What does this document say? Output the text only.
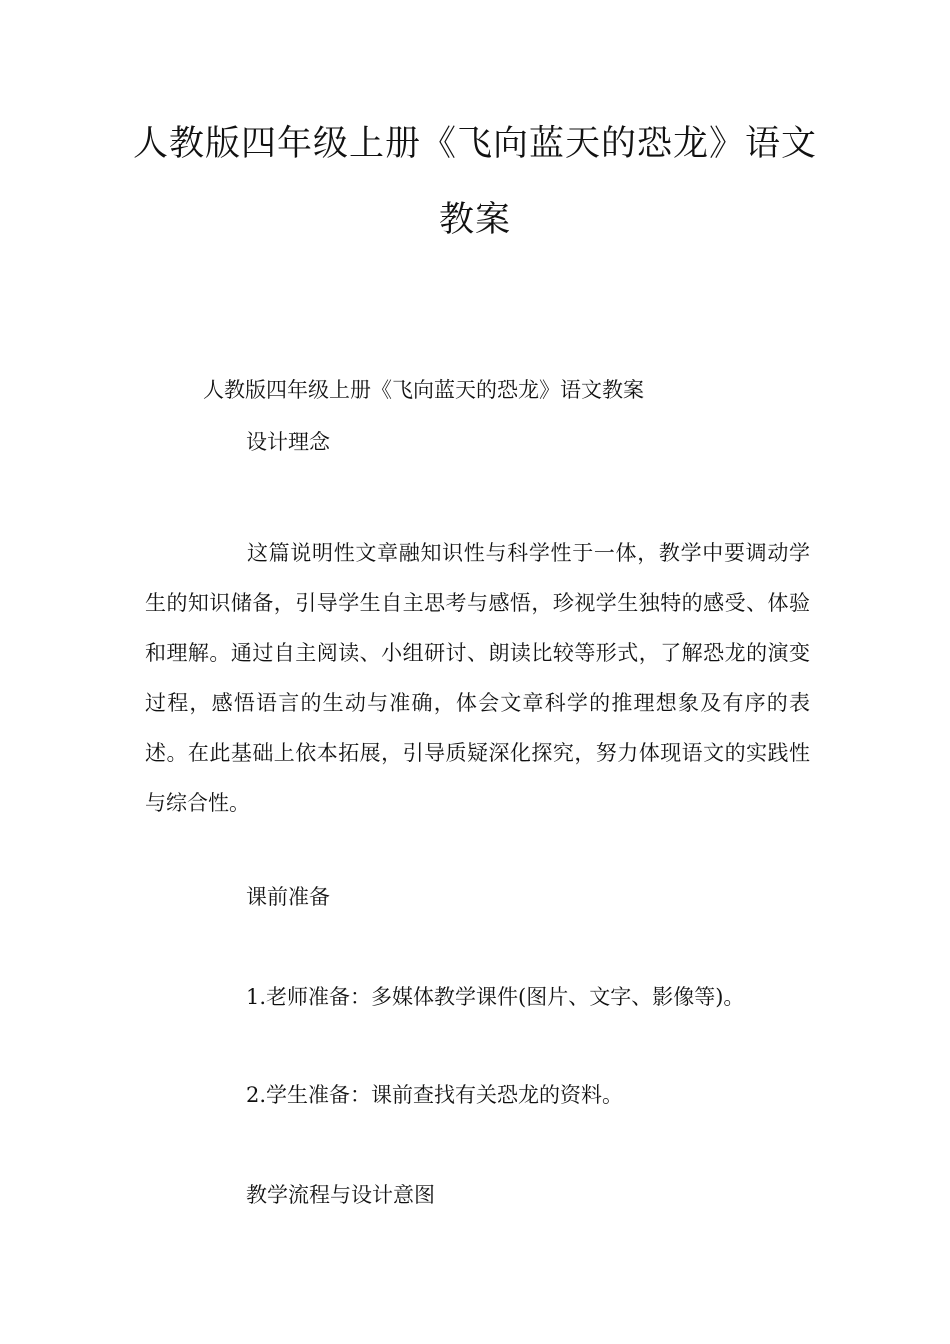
人教版四年级上册《飞向蓝天的恐龙》语文
教案

人教版四年级上册《飞向蓝天的恐龙》语文教案

设计理念

这篇说明性文章融知识性与科学性于一体，教学中要调动学生的知识储备，引导学生自主思考与感悟，珍视学生独特的感受、体验和理解。通过自主阅读、小组研讨、朗读比较等形式，了解恐龙的演变过程，感悟语言的生动与准确，体会文章科学的推理想象及有序的表述。在此基础上依本拓展，引导质疑深化探究，努力体现语文的实践性与综合性。

课前准备

1.老师准备：多媒体教学课件(图片、文字、影像等)。

2.学生准备：课前查找有关恐龙的资料。

教学流程与设计意图
